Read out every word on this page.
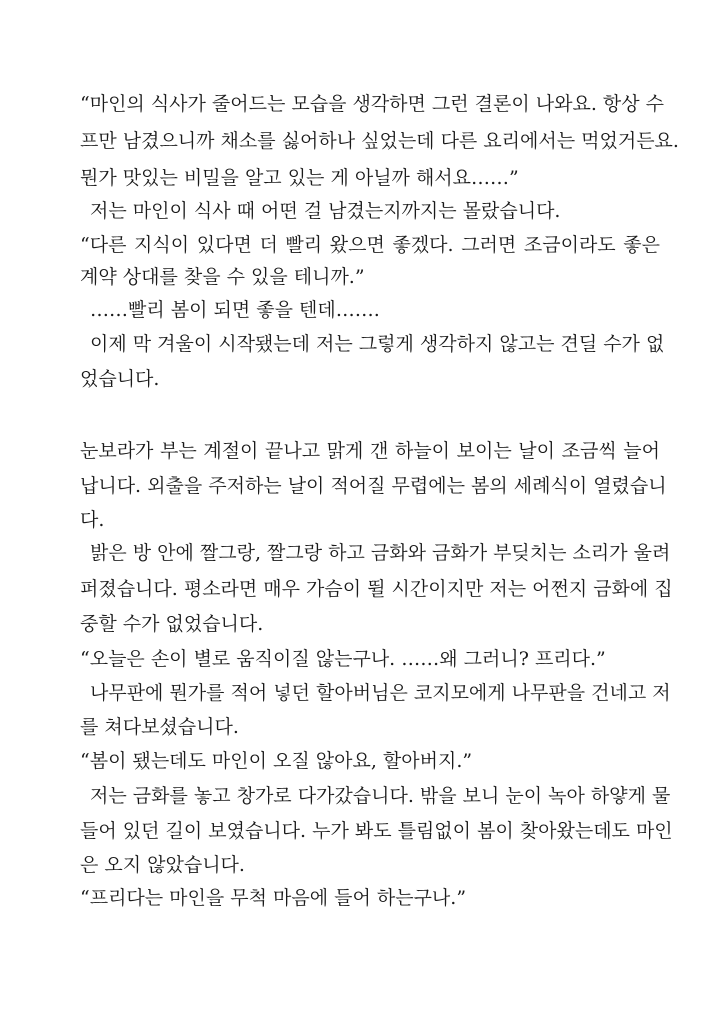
“마인의 식사가 줄어드는 모습을 생각하면 그런 결론이 나와요. 항상 수
프만 남겼으니까 채소를 싫어하나 싶었는데 다른 요리에서는 먹었거든요.
뭔가 맛있는 비밀을 알고 있는 게 아닐까 해서요……”
저는 마인이 식사 때 어떤 걸 남겼는지까지는 몰랐습니다.
“다른 지식이 있다면 더 빨리 왔으면 좋겠다. 그러면 조금이라도 좋은
계약 상대를 찾을 수 있을 테니까.”
……빨리 봄이 되면 좋을 텐데…….
이제 막 겨울이 시작됐는데 저는 그렇게 생각하지 않고는 견딜 수가 없
었습니다.
눈보라가 부는 계절이 끝나고 맑게 갠 하늘이 보이는 날이 조금씩 늘어
납니다. 외출을 주저하는 날이 적어질 무렵에는 봄의 세례식이 열렸습니
다.
밝은 방 안에 짤그랑, 짤그랑 하고 금화와 금화가 부딪치는 소리가 울려
퍼졌습니다. 평소라면 매우 가슴이 뛸 시간이지만 저는 어쩐지 금화에 집
중할 수가 없었습니다.
“오늘은 손이 별로 움직이질 않는구나. ……왜 그러니? 프리다.”
나무판에 뭔가를 적어 넣던 할아버님은 코지모에게 나무판을 건네고 저
를 쳐다보셨습니다.
“봄이 됐는데도 마인이 오질 않아요, 할아버지.”
저는 금화를 놓고 창가로 다가갔습니다. 밖을 보니 눈이 녹아 하얗게 물
들어 있던 길이 보였습니다. 누가 봐도 틀림없이 봄이 찾아왔는데도 마인
은 오지 않았습니다.
“프리다는 마인을 무척 마음에 들어 하는구나.”
